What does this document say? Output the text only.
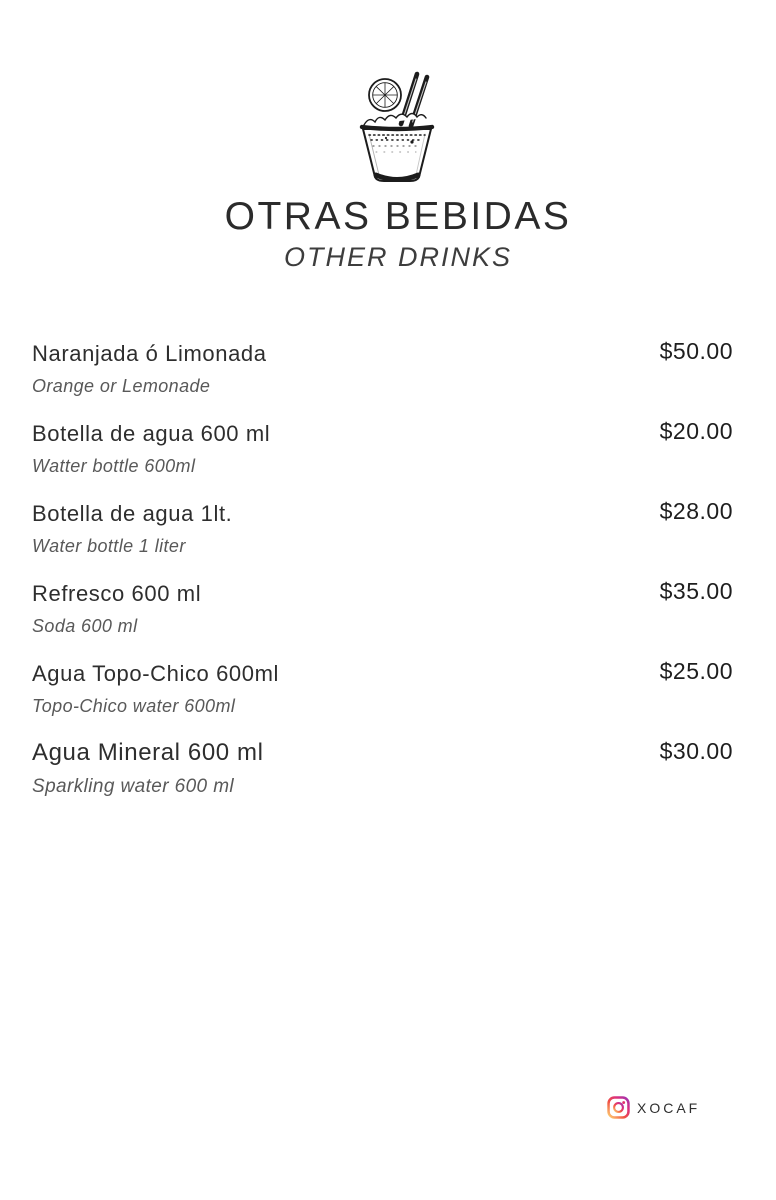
OTRAS BEBIDAS
OTHER DRINKS
Naranjada ó Limonada
Orange or Lemonade
$50.00
Botella de agua 600 ml
Watter bottle 600ml
$20.00
Botella de agua 1lt.
Water bottle 1 liter
$28.00
Refresco 600 ml
Soda 600 ml
$35.00
Agua Topo-Chico 600ml
Topo-Chico water 600ml
$25.00
Agua Mineral 600 ml
Sparkling water 600 ml
$30.00
XOCAF
